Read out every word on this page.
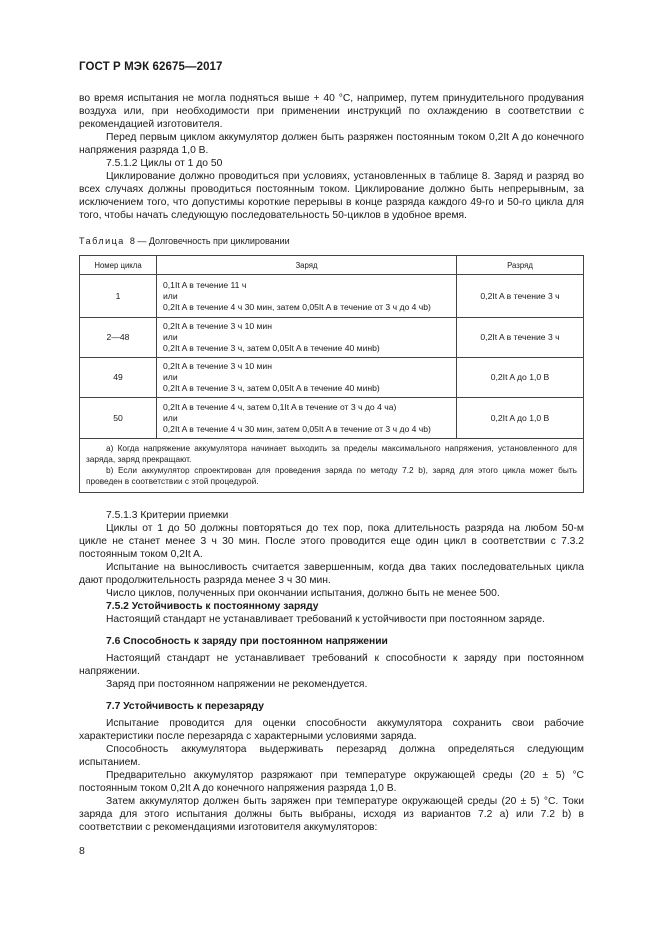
ГОСТ Р МЭК 62675—2017

во время испытания не могла подняться выше + 40 °C, например, путем принудительного продувания воздуха или, при необходимости при применении инструкций по охлаждению в соответствии с рекомендацией изготовителя.

Перед первым циклом аккумулятор должен быть разряжен постоянным током 0,2It A до конечного напряжения разряда 1,0 В.

7.5.1.2 Циклы от 1 до 50

Циклирование должно проводиться при условиях, установленных в таблице 8. Заряд и разряд во всех случаях должны проводиться постоянным током. Циклирование должно быть непрерывным, за исключением того, что допустимы короткие перерывы в конце разряда каждого 49-го и 50-го цикла для того, чтобы начать следующую последовательность 50-циклов в удобное время.

Таблица 8 — Долговечность при циклировании

Номер цикла	Заряд	Разряд
1	0,1It A в течение 11 ч
или
0,2It A в течение 4 ч 30 мин, затем 0,05It A в течение от 3 ч до 4 чb)	0,2It A в течение 3 ч
2—48	0,2It A в течение 3 ч 10 мин
или
0,2It A в течение 3 ч, затем 0,05It A в течение 40 минb)	0,2It A в течение 3 ч
49	0,2It A в течение 3 ч 10 мин
или
0,2It A в течение 3 ч, затем 0,05It A в течение 40 минb)	0,2It A до 1,0 В
50	0,2It A в течение 4 ч, затем 0,1It A в течение от 3 ч до 4 чa)
или
0,2It A в течение 4 ч 30 мин, затем 0,05It A в течение от 3 ч до 4 чb)	0,2It A до 1,0 В

a) Когда напряжение аккумулятора начинает выходить за пределы максимального напряжения, установленного для заряда, заряд прекращают.
b) Если аккумулятор спроектирован для проведения заряда по методу 7.2 b), заряд для этого цикла может быть проведен в соответствии с этой процедурой.		

7.5.1.3 Критерии приемки

Циклы от 1 до 50 должны повторяться до тех пор, пока длительность разряда на любом 50-м цикле не станет менее 3 ч 30 мин. После этого проводится еще один цикл в соответствии с 7.3.2 постоянным током 0,2It A.

Испытание на выносливость считается завершенным, когда два таких последовательных цикла дают продолжительность разряда менее 3 ч 30 мин.

Число циклов, полученных при окончании испытания, должно быть не менее 500.

7.5.2 Устойчивость к постоянному заряду

Настоящий стандарт не устанавливает требований к устойчивости при постоянном заряде.

7.6 Способность к заряду при постоянном напряжении

Настоящий стандарт не устанавливает требований к способности к заряду при постоянном напряжении.

Заряд при постоянном напряжении не рекомендуется.

7.7 Устойчивость к перезаряду

Испытание проводится для оценки способности аккумулятора сохранить свои рабочие характеристики после перезаряда с характерными условиями заряда.

Способность аккумулятора выдерживать перезаряд должна определяться следующим испытанием.

Предварительно аккумулятор разряжают при температуре окружающей среды (20 ± 5) °C постоянным током 0,2It A до конечного напряжения разряда 1,0 В.

Затем аккумулятор должен быть заряжен при температуре окружающей среды (20 ± 5) °C. Токи заряда для этого испытания должны быть выбраны, исходя из вариантов 7.2 a) или 7.2 b) в соответствии с рекомендациями изготовителя аккумуляторов:

8
